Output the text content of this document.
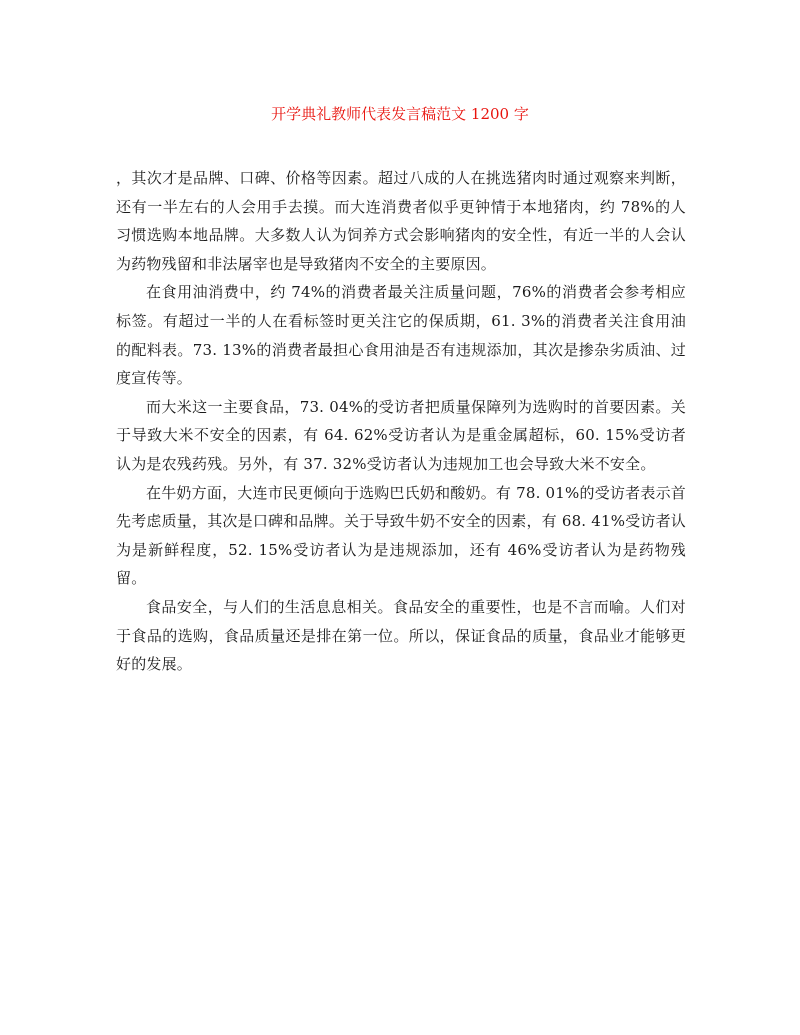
开学典礼教师代表发言稿范文 1200 字

，其次才是品牌、口碑、价格等因素。超过八成的人在挑选猪肉时通过观察来判断，还有一半左右的人会用手去摸。而大连消费者似乎更钟情于本地猪肉，约 78%的人习惯选购本地品牌。大多数人认为饲养方式会影响猪肉的安全性，有近一半的人会认为药物残留和非法屠宰也是导致猪肉不安全的主要原因。

在食用油消费中，约 74%的消费者最关注质量问题，76%的消费者会参考相应标签。有超过一半的人在看标签时更关注它的保质期，61. 3%的消费者关注食用油的配料表。73. 13%的消费者最担心食用油是否有违规添加，其次是掺杂劣质油、过度宣传等。

而大米这一主要食品，73. 04%的受访者把质量保障列为选购时的首要因素。关于导致大米不安全的因素，有 64. 62%受访者认为是重金属超标，60. 15%受访者认为是农残药残。另外，有 37. 32%受访者认为违规加工也会导致大米不安全。

在牛奶方面，大连市民更倾向于选购巴氏奶和酸奶。有 78. 01%的受访者表示首先考虑质量，其次是口碑和品牌。关于导致牛奶不安全的因素，有 68. 41%受访者认为是新鲜程度，52. 15%受访者认为是违规添加，还有 46%受访者认为是药物残留。

食品安全，与人们的生活息息相关。食品安全的重要性，也是不言而喻。人们对于食品的选购，食品质量还是排在第一位。所以，保证食品的质量，食品业才能够更好的发展。
